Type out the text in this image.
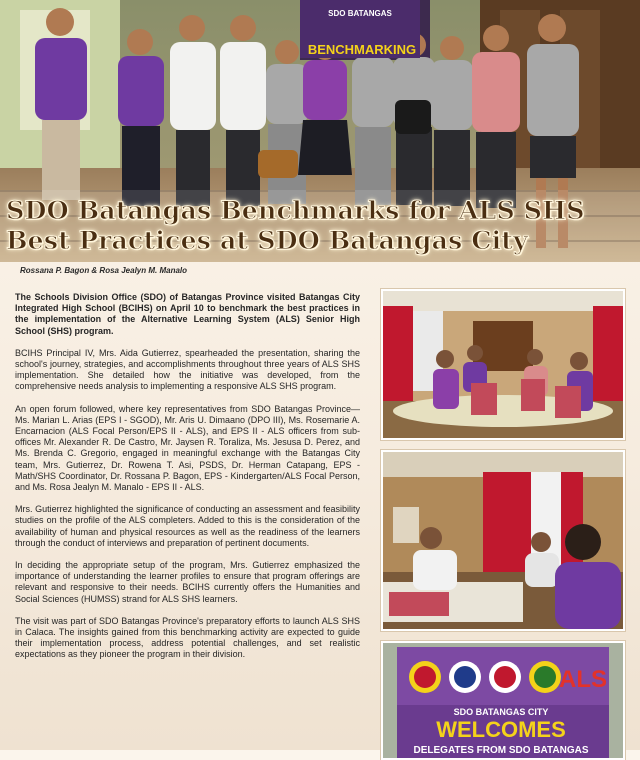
SDO BATANGAS
BENCHMARKING
SDO Batangas Benchmarks for ALS SHS Best Practices at SDO Batangas City
Rossana P. Bagon & Rosa Jealyn M. Manalo

The Schools Division Office (SDO) of Batangas Province visited Batangas City Integrated High School (BCIHS) on April 10 to benchmark the best practices in the implementation of the Alternative Learning System (ALS) Senior High School (SHS) program.

BCIHS Principal IV, Mrs. Aida Gutierrez, spearheaded the presentation, sharing the school's journey, strategies, and accomplishments throughout three years of ALS SHS implementation. She detailed how the initiative was developed, from the comprehensive needs analysis to implementing a responsive ALS SHS program.

An open forum followed, where key representatives from SDO Batangas Province—Ms. Marian L. Arias (EPS I - SGOD), Mr. Aris U. Dimaano (DPO III), Ms. Rosemarie A. Encarnacion (ALS Focal Person/EPS II - ALS), and EPS II - ALS officers from sub-offices Mr. Alexander R. De Castro, Mr. Jaysen R. Toraliza, Ms. Jesusa D. Perez, and Ms. Brenda C. Gregorio, engaged in meaningful exchange with the Batangas City team, Mrs. Gutierrez, Dr. Rowena T. Asi, PSDS, Dr. Herman Catapang, EPS - Math/SHS Coordinator, Dr. Rossana P. Bagon, EPS - Kindergarten/ALS Focal Person, and Ms. Rosa Jealyn M. Manalo - EPS II - ALS.

Mrs. Gutierrez highlighted the significance of conducting an assessment and feasibility studies on the profile of the ALS completers. Added to this is the consideration of the availability of human and physical resources as well as the readiness of the learners through the conduct of interviews and preparation of pertinent documents.

In deciding the appropriate setup of the program, Mrs. Gutierrez emphasized the importance of understanding the learner profiles to ensure that program offerings are relevant and responsive to their needs. BCIHS currently offers the Humanities and Social Sciences (HUMSS) strand for ALS SHS learners.

The visit was part of SDO Batangas Province's preparatory efforts to launch ALS SHS in Calaca. The insights gained from this benchmarking activity are expected to guide their implementation process, address potential challenges, and set realistic expectations as they pioneer the program in their division.

ALS
SDO BATANGAS CITY
WELCOMES
DELEGATES FROM SDO BATANGAS
